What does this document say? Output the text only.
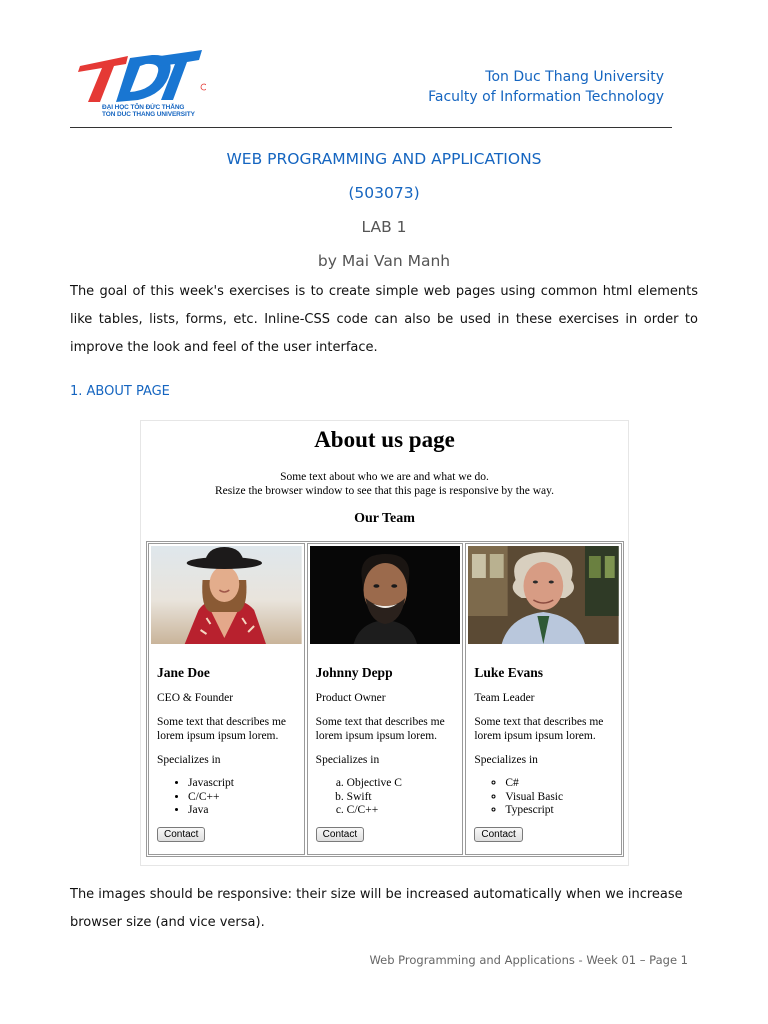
ĐẠI HỌC TÔN ĐỨC THẮNG
TON DUC THANG UNIVERSITY
Ton Duc Thang University
Faculty of Information Technology
WEB PROGRAMMING AND APPLICATIONS
(503073)
LAB 1
by Mai Van Manh
The goal of this week's exercises is to create simple web pages using common html elements like tables, lists, forms, etc. Inline-CSS code can also be used in these exercises in order to improve the look and feel of the user interface.
1. ABOUT PAGE
About us page
Some text about who we are and what we do.
Resize the browser window to see that this page is responsive by the way.
Our Team
Jane Doe
CEO & Founder
Some text that describes me lorem ipsum ipsum lorem.
Specializes in
• Javascript
• C/C++
• Java
Contact
Johnny Depp
Product Owner
Some text that describes me lorem ipsum ipsum lorem.
Specializes in
a. Objective C
b. Swift
c. C/C++
Contact
Luke Evans
Team Leader
Some text that describes me lorem ipsum ipsum lorem.
Specializes in
◦ C#
◦ Visual Basic
◦ Typescript
Contact
The images should be responsive: their size will be increased automatically when we increase browser size (and vice versa).
Web Programming and Applications - Week 01 – Page 1
